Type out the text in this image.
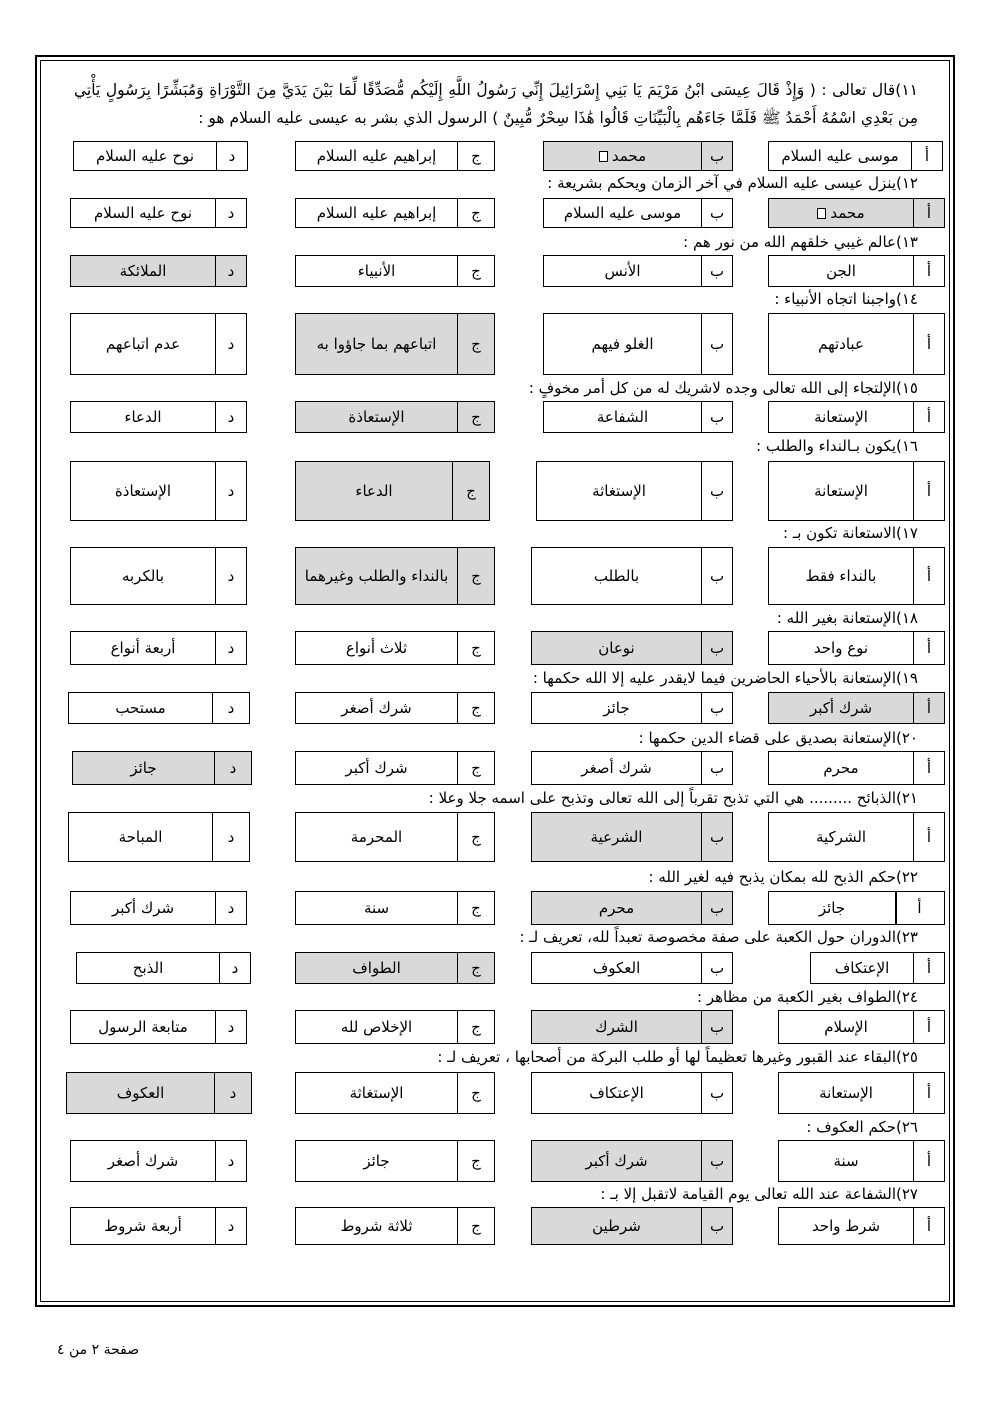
١١)قال تعالى : ( وَإِذْ قَالَ عِيسَى ابْنُ مَرْيَمَ يَا بَنِي إِسْرَائِيلَ إِنِّي رَسُولُ اللَّهِ إِلَيْكُم مُّصَدِّقًا لِّمَا بَيْنَ يَدَيَّ مِنَ التَّوْرَاةِ وَمُبَشِّرًا بِرَسُولٍ يَأْتِي مِن بَعْدِي اسْمُهُ أَحْمَدُ ﷺ فَلَمَّا جَاءَهُم بِالْبَيِّنَاتِ قَالُوا هَٰذَا سِحْرٌ مُّبِينٌ ) الرسول الذي بشر به عيسى عليه السلام هو :
أ
موسى عليه السلام
ب
محمد
ج
إبراهيم عليه السلام
د
نوح عليه السلام
١٢)ينزل عيسى عليه السلام في آخر الزمان ويحكم بشريعة :
أ
محمد
ب
موسى عليه السلام
ج
إبراهيم عليه السلام
د
نوح عليه السلام
١٣)عالم غيبي خلقهم الله من نور هم :
أ
الجن
ب
الأنس
ج
الأنبياء
د
الملائكة
١٤)واجبنا اتجاه الأنبياء :
أ
عبادتهم
ب
الغلو فيهم
ج
اتباعهم بما جاؤوا به
د
عدم اتباعهم
١٥)الإلتجاء إلى الله تعالى وجده لاشريك له من كل أمر مخوفٍ :
أ
الإستعانة
ب
الشفاعة
ج
الإستعاذة
د
الدعاء
١٦)يكون بـالنداء والطلب :
أ
الإستعانة
ب
الإستغاثة
ج
الدعاء
د
الإستعاذة
١٧)الاستعانة تكون بـ :
أ
بالنداء فقط
ب
بالطلب
ج
بالنداء والطلب وغيرهما
د
بالكربه
١٨)الإستعانة بغير الله :
أ
نوع واحد
ب
نوعان
ج
ثلاث أنواع
د
أربعة أنواع
١٩)الإستعانة بالأحياء الحاضرين فيما لايقدر عليه إلا الله حكمها :
أ
شرك أكبر
ب
جائز
ج
شرك أصغر
د
مستحب
٢٠)الإستعانة بصديق على قضاء الدين حكمها :
أ
محرم
ب
شرك أصغر
ج
شرك أكبر
د
جائز
٢١)الذبائح ......... هي التي تذبح تقرباً إلى الله تعالى وتذبح على اسمه جلا وعلا :
أ
الشركية
ب
الشرعية
ج
المحرمة
د
المباحة
٢٢)حكم الذبح لله بمكان يذبح فيه لغير الله :
أ
ب
محرم
ج
سنة
د
شرك أكبر
٢٣)الدوران حول الكعبة على صفة مخصوصة تعبداً لله، تعريف لـ :
أ
الإعتكاف
ب
العكوف
ج
الطواف
د
الذبح
٢٤)الطواف بغير الكعبة من مظاهر :
أ
الإسلام
ب
الشرك
ج
الإخلاص لله
د
متابعة الرسول
٢٥)البقاء عند القبور وغيرها تعظيماً لها أو طلب البركة من أصحابها ، تعريف لـ :
أ
الإستعانة
ب
الإعتكاف
ج
الإستغاثة
د
العكوف
٢٦)حكم العكوف :
أ
سنة
ب
شرك أكبر
ج
جائز
د
شرك أصغر
٢٧)الشفاعة عند الله تعالى يوم القيامة لاتقبل إلا بـ :
أ
شرط واحد
ب
شرطين
ج
ثلاثة شروط
د
أربعة شروط
جائز
صفحة ٢ من ٤
